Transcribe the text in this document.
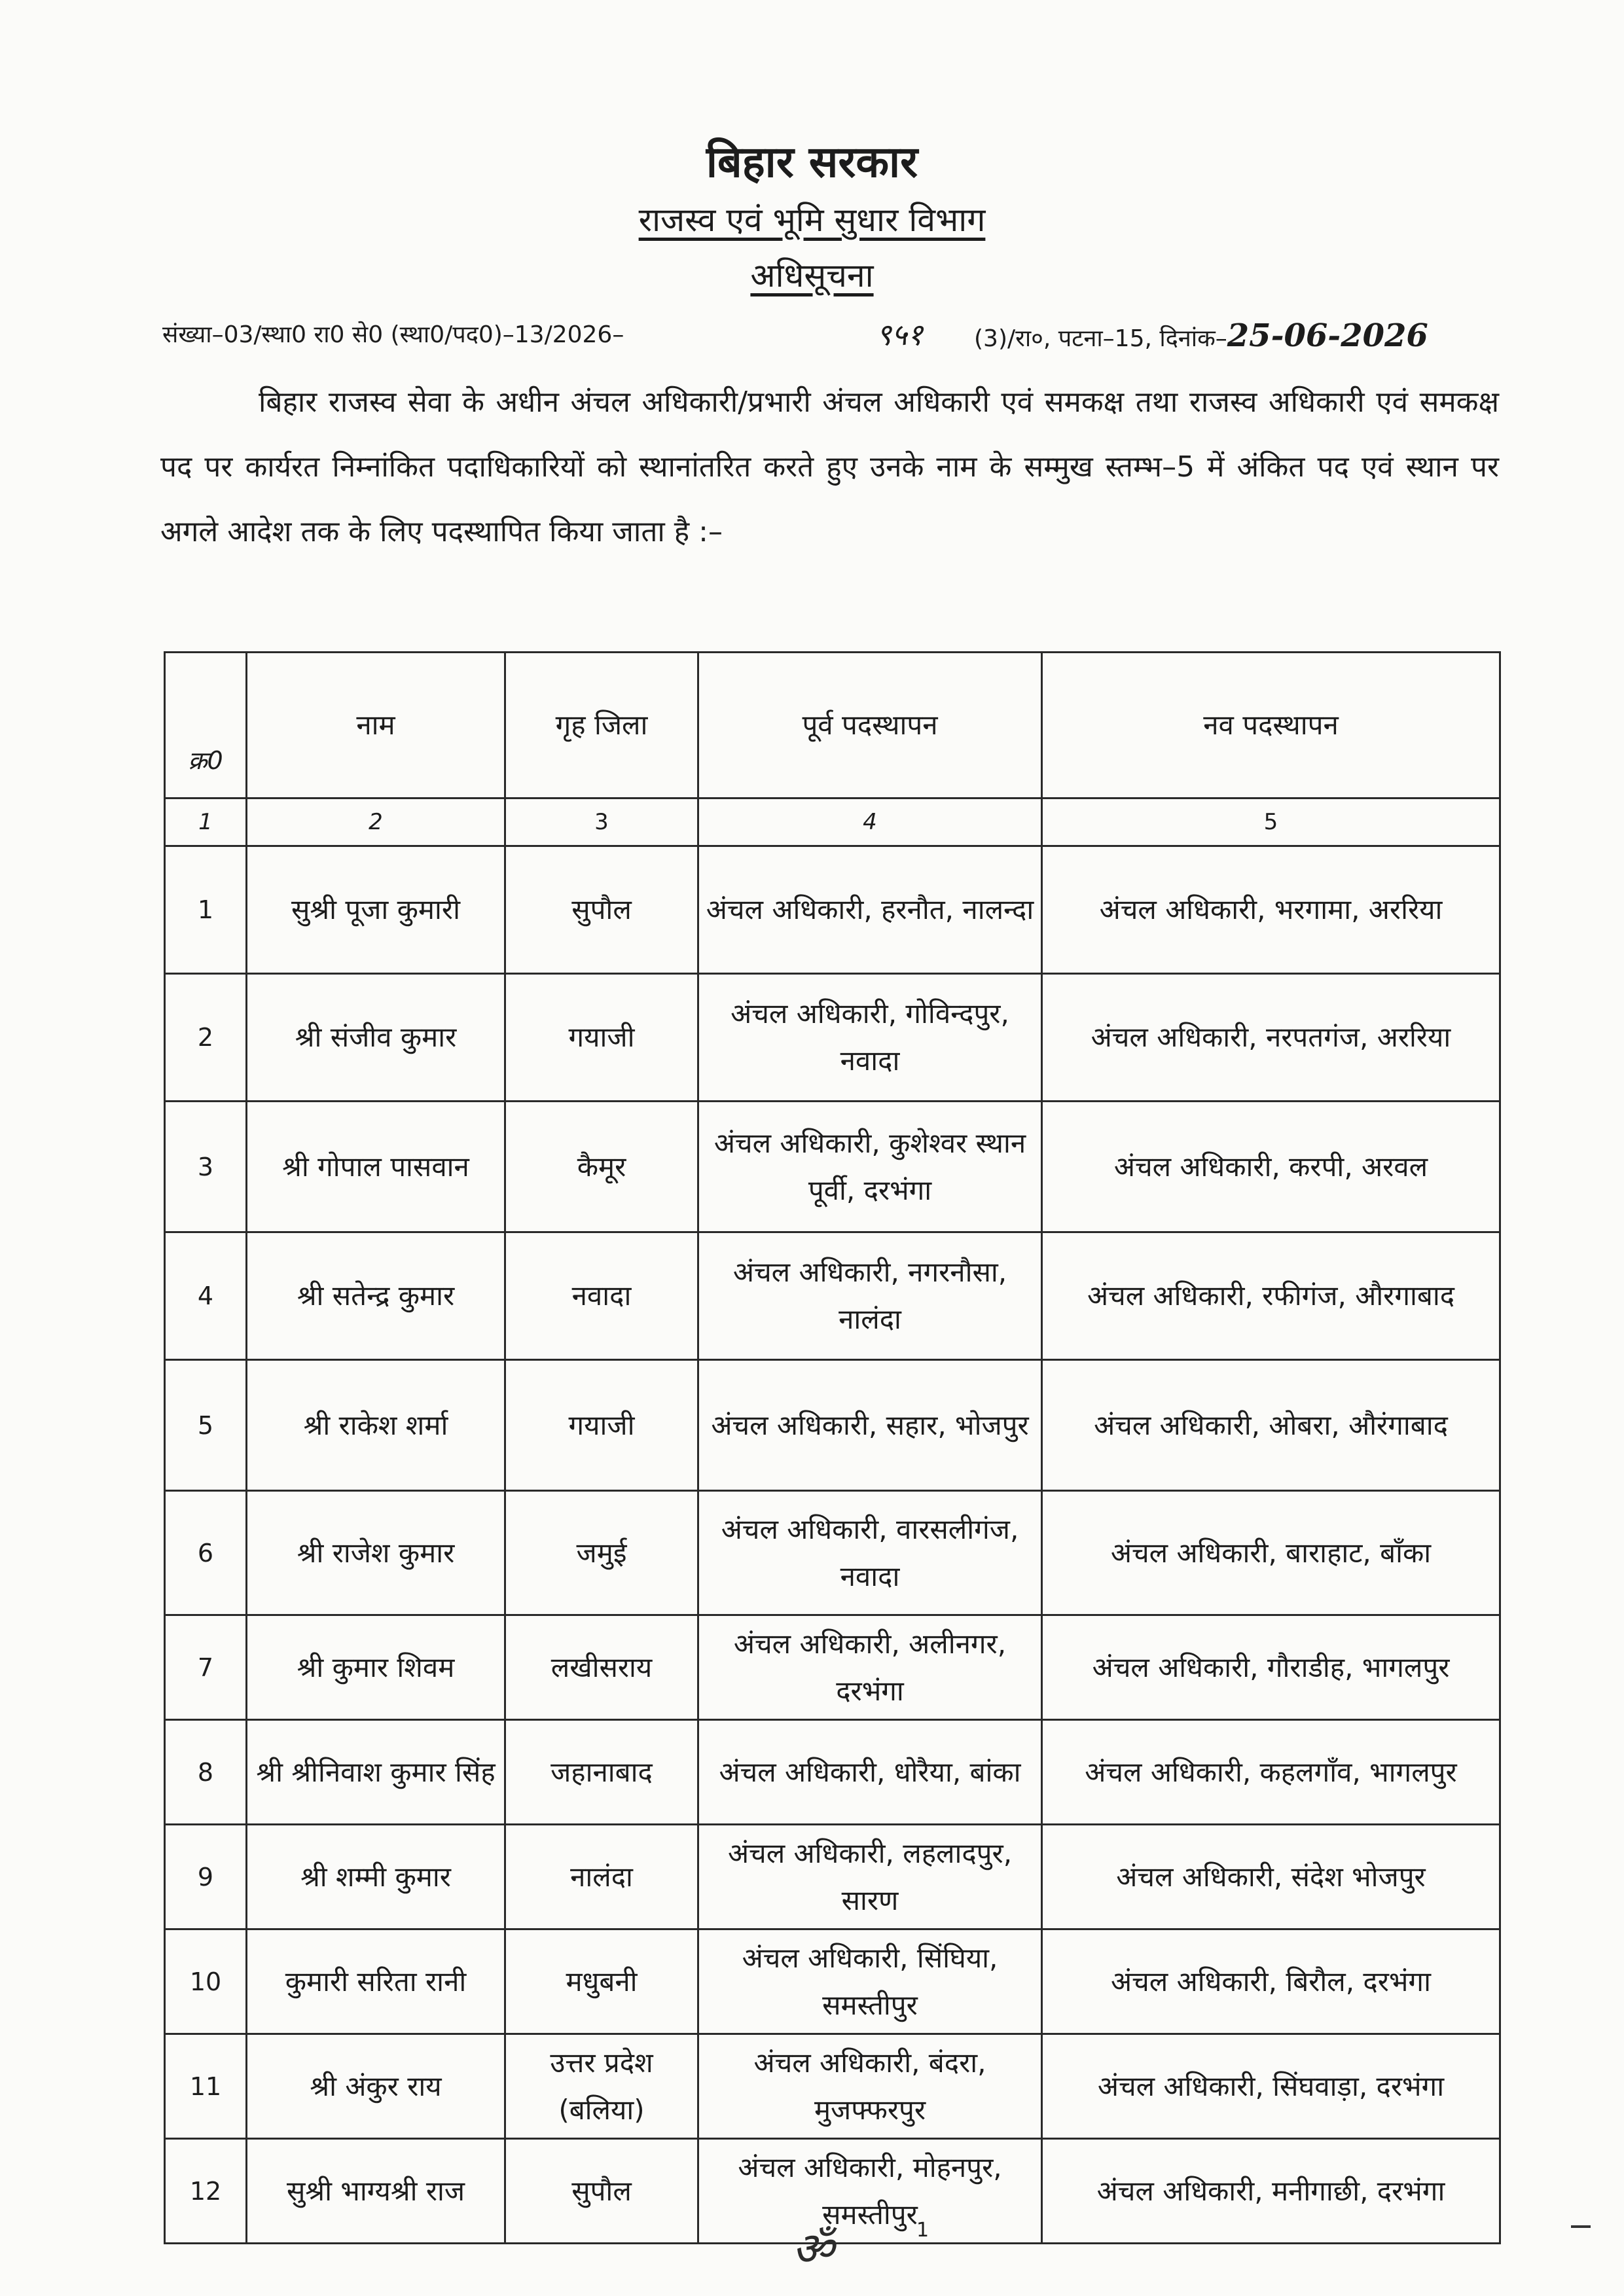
बिहार सरकार
राजस्व एवं भूमि सुधार विभाग
अधिसूचना
संख्या–03/स्था0 रा0 से0 (स्था0/पद0)–13/2026–	९५१ (3)/रा०, पटना–15, दिनांक–25-06-2026
बिहार राजस्व सेवा के अधीन अंचल अधिकारी/प्रभारी अंचल अधिकारी एवं समकक्ष तथा राजस्व अधिकारी एवं समकक्ष पद पर कार्यरत निम्नांकित पदाधिकारियों को स्थानांतरित करते हुए उनके नाम के सम्मुख स्तम्भ–5 में अंकित पद एवं स्थान पर अगले आदेश तक के लिए पदस्थापित किया जाता है :–
क्र0	नाम	गृह जिला	पूर्व पदस्थापन	नव पदस्थापन
1	2	3	4	5
1	सुश्री पूजा कुमारी	सुपौल	अंचल अधिकारी, हरनौत, नालन्दा	अंचल अधिकारी, भरगामा, अररिया
2	श्री संजीव कुमार	गयाजी	अंचल अधिकारी, गोविन्दपुर, नवादा	अंचल अधिकारी, नरपतगंज, अररिया
3	श्री गोपाल पासवान	कैमूर	अंचल अधिकारी, कुशेश्वर स्थान पूर्वी, दरभंगा	अंचल अधिकारी, करपी, अरवल
4	श्री सतेन्द्र कुमार	नवादा	अंचल अधिकारी, नगरनौसा, नालंदा	अंचल अधिकारी, रफीगंज, औरगाबाद
5	श्री राकेश शर्मा	गयाजी	अंचल अधिकारी, सहार, भोजपुर	अंचल अधिकारी, ओबरा, औरंगाबाद
6	श्री राजेश कुमार	जमुई	अंचल अधिकारी, वारसलीगंज, नवादा	अंचल अधिकारी, बाराहाट, बाँका
7	श्री कुमार शिवम	लखीसराय	अंचल अधिकारी, अलीनगर, दरभंगा	अंचल अधिकारी, गौराडीह, भागलपुर
8	श्री श्रीनिवाश कुमार सिंह	जहानाबाद	अंचल अधिकारी, धोरैया, बांका	अंचल अधिकारी, कहलगाँव, भागलपुर
9	श्री शम्मी कुमार	नालंदा	अंचल अधिकारी, लहलादपुर, सारण	अंचल अधिकारी, संदेश भोजपुर
10	कुमारी सरिता रानी	मधुबनी	अंचल अधिकारी, सिंघिया, समस्तीपुर	अंचल अधिकारी, बिरौल, दरभंगा
11	श्री अंकुर राय	उत्तर प्रदेश (बलिया)	अंचल अधिकारी, बंदरा, मुजफ्फरपुर	अंचल अधिकारी, सिंघवाड़ा, दरभंगा
12	सुश्री भाग्यश्री राज	सुपौल	अंचल अधिकारी, मोहनपुर, समस्तीपुर	अंचल अधिकारी, मनीगाछी, दरभंगा
ॐ	1
